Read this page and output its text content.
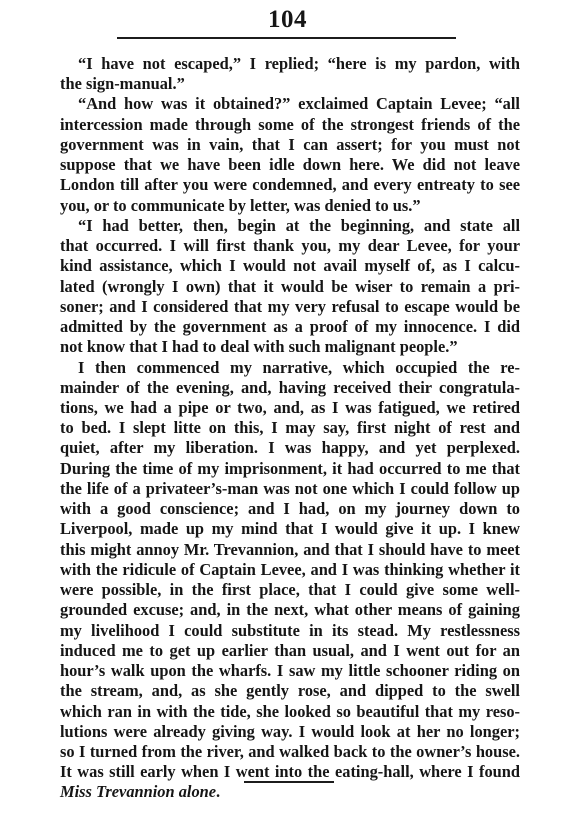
104
“I have not escaped,” I replied; “here is my pardon, with
the sign-manual.”
“And how was it obtained?” exclaimed Captain Levee; “all
intercession made through some of the strongest friends of the
government was in vain, that I can assert; for you must not
suppose that we have been idle down here. We did not leave
London till after you were condemned, and every entreaty to see
you, or to communicate by letter, was denied to us.”
“I had better, then, begin at the beginning, and state all
that occurred. I will first thank you, my dear Levee, for your
kind assistance, which I would not avail myself of, as I calcu-
lated (wrongly I own) that it would be wiser to remain a pri-
soner; and I considered that my very refusal to escape would be
admitted by the government as a proof of my innocence. I did
not know that I had to deal with such malignant people.”
I then commenced my narrative, which occupied the re-
mainder of the evening, and, having received their congratula-
tions, we had a pipe or two, and, as I was fatigued, we retired
to bed. I slept litte on this, I may say, first night of rest and
quiet, after my liberation. I was happy, and yet perplexed.
During the time of my imprisonment, it had occurred to me that
the life of a privateer’s-man was not one which I could follow up
with a good conscience; and I had, on my journey down to
Liverpool, made up my mind that I would give it up. I knew
this might annoy Mr. Trevannion, and that I should have to meet
with the ridicule of Captain Levee, and I was thinking whether it
were possible, in the first place, that I could give some well-
grounded excuse; and, in the next, what other means of gaining
my livelihood I could substitute in its stead. My restlessness
induced me to get up earlier than usual, and I went out for an
hour’s walk upon the wharfs. I saw my little schooner riding on
the stream, and, as she gently rose, and dipped to the swell
which ran in with the tide, she looked so beautiful that my reso-
lutions were already giving way. I would look at her no longer;
so I turned from the river, and walked back to the owner’s house.
It was still early when I went into the eating-hall, where I found
Miss Trevannion alone.
